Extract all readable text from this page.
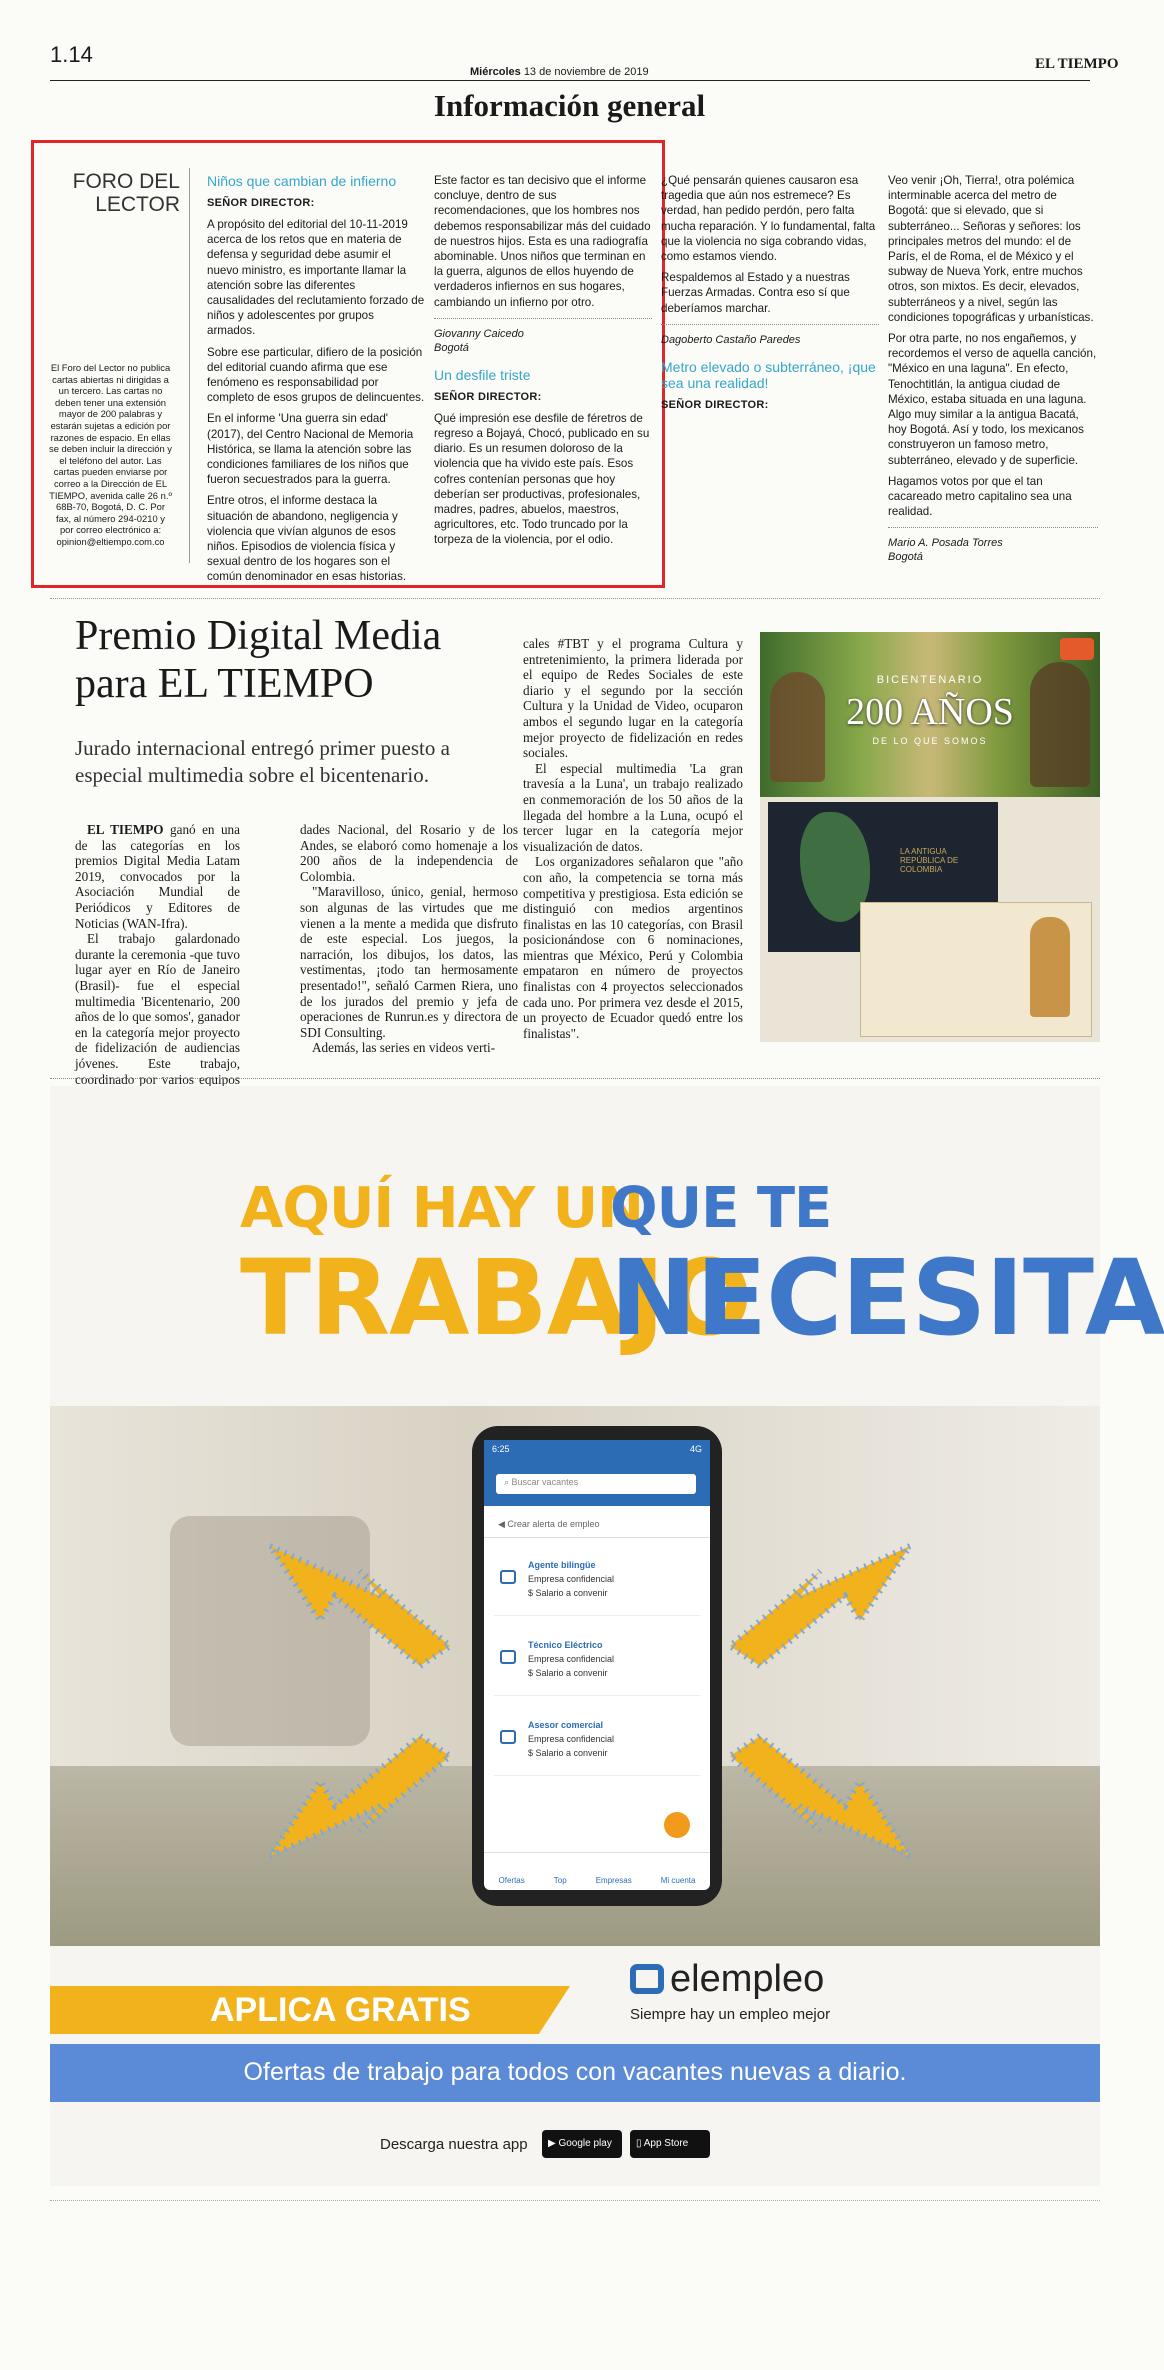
1.14
Miércoles 13 de noviembre de 2019	EL TIEMPO
Información general
FORO DEL
LECTOR
El Foro del Lector no publica cartas abiertas ni dirigidas a un tercero. Las cartas no deben tener una extensión mayor de 200 palabras y estarán sujetas a edición por razones de espacio. En ellas se deben incluir la dirección y el teléfono del autor. Las cartas pueden enviarse por correo a la Dirección de EL TIEMPO, avenida calle 26 n.º 68B-70, Bogotá, D. C. Por fax, al número 294-0210 y por correo electrónico a: opinion@eltiempo.com.co
Niños que cambian de infierno
SEÑOR DIRECTOR:

A propósito del editorial del 10-11-2019 acerca de los retos que en materia de defensa y seguridad debe asumir el nuevo ministro, es importante llamar la atención sobre las diferentes causalidades del reclutamiento forzado de niños y adolescentes por grupos armados.

Sobre ese particular, difiero de la posición del editorial cuando afirma que ese fenómeno es responsabilidad por completo de esos grupos de delincuentes.

En el informe 'Una guerra sin edad' (2017), del Centro Nacional de Memoria Histórica, se llama la atención sobre las condiciones familiares de los niños que fueron secuestrados para la guerra.

Entre otros, el informe destaca la situación de abandono, negligencia y violencia que vivían algunos de esos niños. Episodios de violencia física y sexual dentro de los hogares son el común denominador en esas historias.

Este factor es tan decisivo que el informe concluye, dentro de sus recomendaciones, que los hombres nos debemos responsabilizar más del cuidado de nuestros hijos. Esta es una radiografía abominable. Unos niños que terminan en la guerra, algunos de ellos huyendo de verdaderos infiernos en sus hogares, cambiando un infierno por otro.

Giovanny Caicedo
Bogotá
Un desfile triste
SEÑOR DIRECTOR:

Qué impresión ese desfile de féretros de regreso a Bojayá, Chocó, publicado en su diario. Es un resumen doloroso de la violencia que ha vivido este país. Esos cofres contenían personas que hoy deberían ser productivas, profesionales, madres, padres, abuelos, maestros, agricultores, etc. Todo truncado por la torpeza de la violencia, por el odio.

¿Qué pensarán quienes causaron esa tragedia que aún nos estremece? Es verdad, han pedido perdón, pero falta mucha reparación. Y lo fundamental, falta que la violencia no siga cobrando vidas, como estamos viendo.

Respaldemos al Estado y a nuestras Fuerzas Armadas. Contra eso sí que deberíamos marchar.

Dagoberto Castaño Paredes
Metro elevado o subterráneo, ¡que sea una realidad!
SEÑOR DIRECTOR:

Veo venir ¡Oh, Tierra!, otra polémica interminable acerca del metro de Bogotá: que si elevado, que si subterráneo... Señoras y señores: los principales metros del mundo: el de París, el de Roma, el de México y el subway de Nueva York, entre muchos otros, son mixtos. Es decir, elevados, subterráneos y a nivel, según las condiciones topográficas y urbanísticas.

Por otra parte, no nos engañemos, y recordemos el verso de aquella canción, "México en una laguna". En efecto, Tenochtitlán, la antigua ciudad de México, estaba situada en una laguna. Algo muy similar a la antigua Bacatá, hoy Bogotá. Así y todo, los mexicanos construyeron un famoso metro, subterráneo, elevado y de superficie.

Hagamos votos por que el tan cacareado metro capitalino sea una realidad.

Mario A. Posada Torres
Bogotá
Premio Digital Media
para EL TIEMPO
Jurado internacional entregó primer puesto a especial multimedia sobre el bicentenario.

EL TIEMPO ganó en una de las categorías en los premios Digital Media Latam 2019, convocados por la Asociación Mundial de Periódicos y Editores de Noticias (WAN-Ifra).

El trabajo galardonado durante la ceremonia -que tuvo lugar ayer en Río de Janeiro (Brasil)- fue el especial multimedia 'Bicentenario, 200 años de lo que somos', ganador en la categoría mejor proyecto de fidelización de audiencias jóvenes. Este trabajo, coordinado por varios equipos

dades Nacional, del Rosario y de los Andes, se elaboró como homenaje a los 200 años de la independencia de Colombia.

"Maravilloso, único, genial, hermoso son algunas de las virtudes que me vienen a la mente a medida que disfruto de este especial. Los juegos, la narración, los dibujos, los datos, las vestimentas, ¡todo tan hermosamente presentado!", señaló Carmen Riera, uno de los jurados del premio y jefa de operaciones de Runrun.es y directora de SDI Consulting.

Además, las series en videos verti-

cales #TBT y el programa Cultura y entretenimiento, la primera liderada por el equipo de Redes Sociales de este diario y el segundo por la sección Cultura y la Unidad de Video, ocuparon ambos el segundo lugar en la categoría mejor proyecto de fidelización en redes sociales.

El especial multimedia 'La gran travesía a la Luna', un trabajo realizado en conmemoración de los 50 años de la llegada del hombre a la Luna, ocupó el tercer lugar en la categoría mejor visualización de datos.

Los organizadores señalaron que "año con año, la competencia se torna más competitiva y prestigiosa. Esta edición se distinguió con medios argentinos finalistas en las 10 categorías, con Brasil posicionándose con 6 nominaciones, mientras que México, Perú y Colombia empataron en número de proyectos finalistas con 4 proyectos seleccionados cada uno. Por primera vez desde el 2015, un proyecto de Ecuador quedó entre los finalistas".

BICENTENARIO
200 AÑOS
DE LO QUE SOMOS
LA ANTIGUA REPÚBLICA DE COLOMBIA
AQUÍ HAY UN
QUE TE
TRABAJO
NECESITA
6:25	4G
⌕ Buscar vacantes
◀ Crear alerta de empleo
Agente bilingüe
Empresa confidencial
$ Salario a convenir
Técnico Eléctrico
Empresa confidencial
$ Salario a convenir
Asesor comercial
Empresa confidencial
$ Salario a convenir
Ofertas	Top	Empresas	Mi cuenta
APLICA GRATIS
elempleo
Siempre hay un empleo mejor
Ofertas de trabajo para todos con vacantes nuevas a diario.
Descarga nuestra app	▶ Google play	▯ App Store
